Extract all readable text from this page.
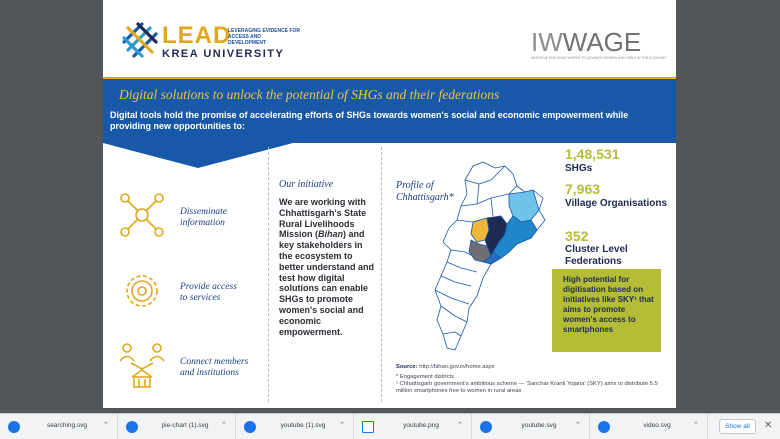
LEAD
LEVERAGING EVIDENCE FOR ACCESS AND DEVELOPMENT
KREA UNIVERSITY	IWWAGE
INITIATIVE FOR WHAT WORKS TO ADVANCE WOMEN AND GIRLS IN THE ECONOMY
Digital solutions to unlock the potential of SHGs and their federations
Digital tools hold the promise of accelerating efforts of SHGs towards women's social and economic empowerment while providing new opportunities to:
Disseminate
information
Provide access
to services
Connect members
and institutions
Our initiative
We are working with Chhattisgarh's State Rural Livelihoods Mission (Bihan) and key stakeholders in the ecosystem to better understand and test how digital solutions can enable SHGs to promote women's social and economic empowerment.
Profile of Chhattisgarh*
1,48,531
SHGs
7,963
Village Organisations
352
Cluster Level Federations
High potential for digitisation based on initiatives like SKY¹ that aims to promote women's access to smartphones
Source: http://bihan.gov.in/home.aspx
* Engagement districts
¹ Chhattisgarh government's ambitious scheme — 'Sanchar Kranti Yojana' (SKY) aims to distribute 5.5 million smartphones free to women in rural areas
searching.svg	⌃	pie-chart (1).svg	⌃	youtube (1).svg	⌃	youtube.png	⌃	youtube.svg	⌃	video.svg	⌃	Show all	✕
